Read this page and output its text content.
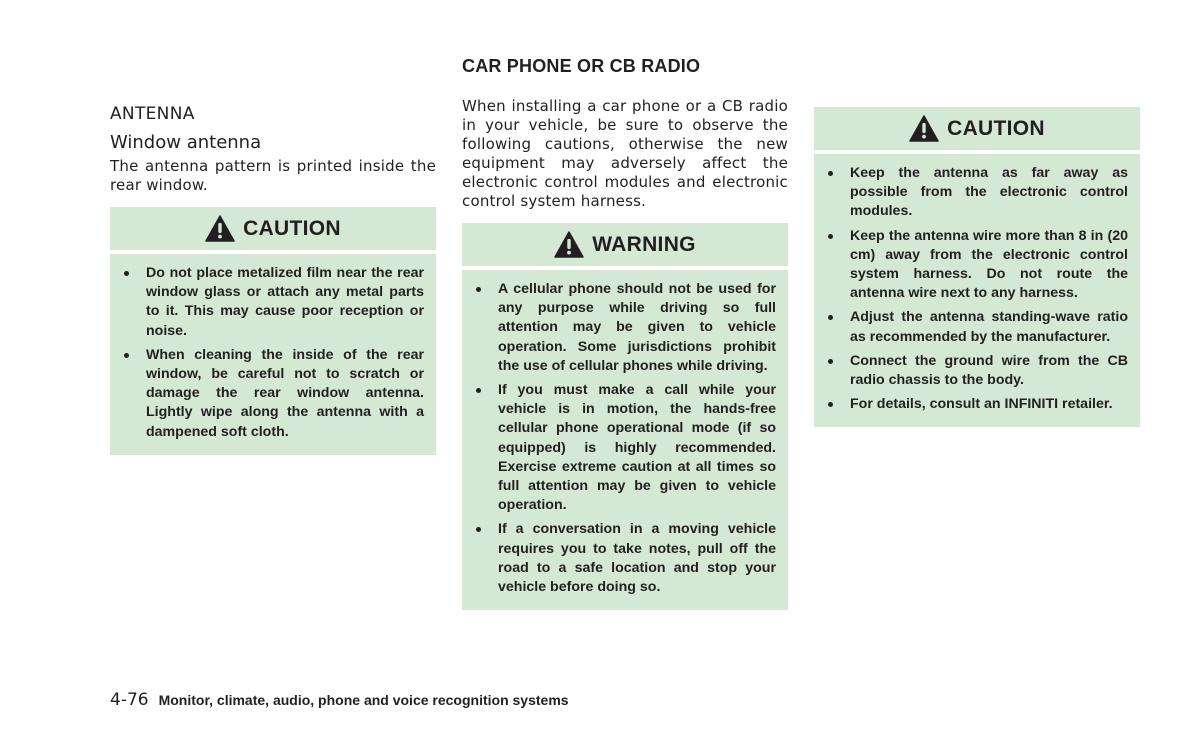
ANTENNA
Window antenna

The antenna pattern is printed inside the rear window.

CAUTION
Do not place metalized film near the rear window glass or attach any metal parts to it. This may cause poor reception or noise.
When cleaning the inside of the rear window, be careful not to scratch or damage the rear window antenna. Lightly wipe along the antenna with a dampened soft cloth.
CAR PHONE OR CB RADIO

When installing a car phone or a CB radio in your vehicle, be sure to observe the following cautions, otherwise the new equipment may adversely affect the electronic control modules and electronic control system harness.

WARNING
A cellular phone should not be used for any purpose while driving so full attention may be given to vehicle operation. Some jurisdictions prohibit the use of cellular phones while driving.
If you must make a call while your vehicle is in motion, the hands-free cellular phone operational mode (if so equipped) is highly recommended. Exercise extreme caution at all times so full attention may be given to vehicle operation.
If a conversation in a moving vehicle requires you to take notes, pull off the road to a safe location and stop your vehicle before doing so.
CAUTION
Keep the antenna as far away as possible from the electronic control modules.
Keep the antenna wire more than 8 in (20 cm) away from the electronic control system harness. Do not route the antenna wire next to any harness.
Adjust the antenna standing-wave ratio as recommended by the manufacturer.
Connect the ground wire from the CB radio chassis to the body.
For details, consult an INFINITI retailer.
4-76 Monitor, climate, audio, phone and voice recognition systems
